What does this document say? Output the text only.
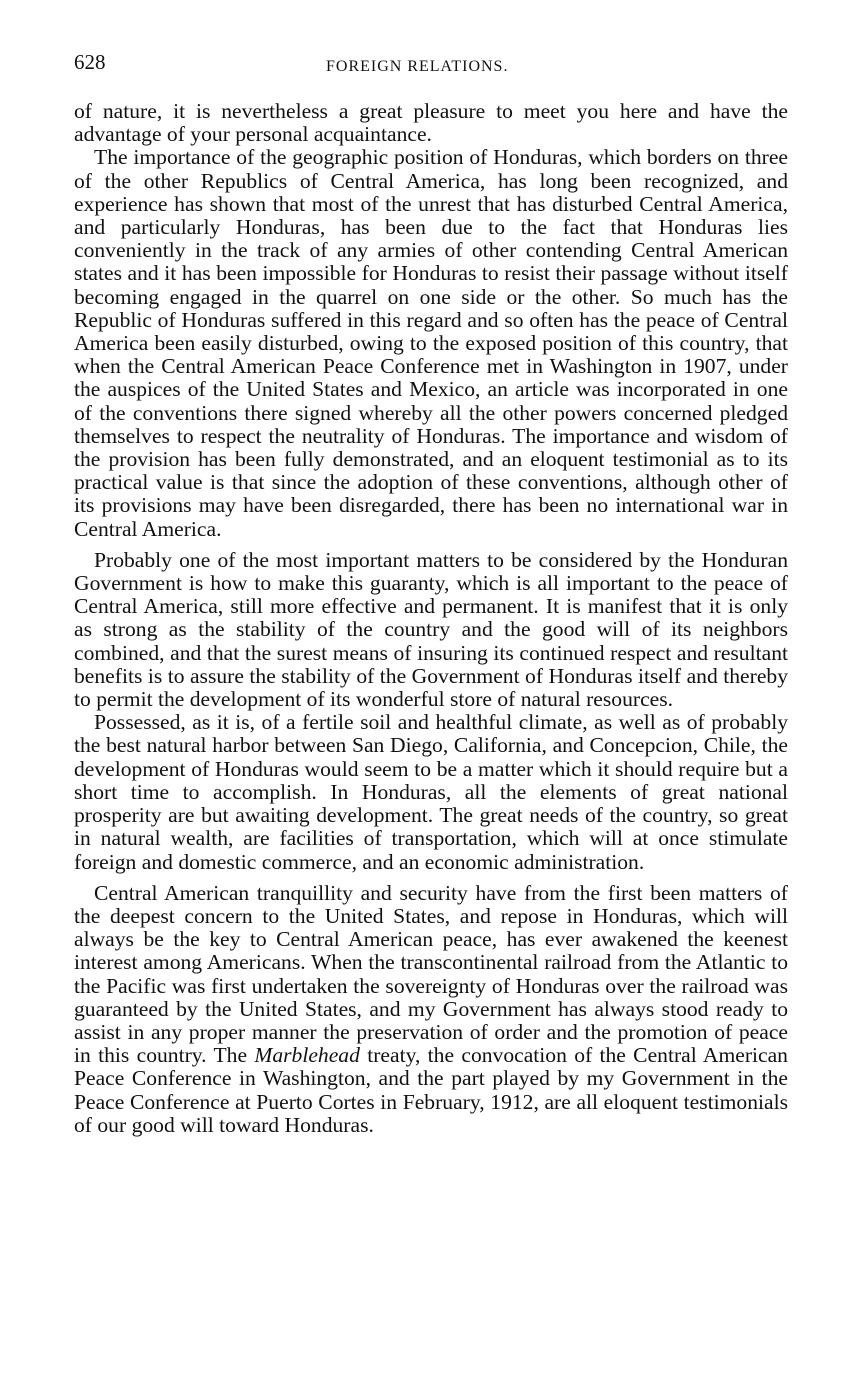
628	FOREIGN RELATIONS.

of nature, it is nevertheless a great pleasure to meet you here and have the advantage of your personal acquaintance.

The importance of the geographic position of Honduras, which borders on three of the other Republics of Central America, has long been recognized, and experience has shown that most of the unrest that has disturbed Central America, and particularly Honduras, has been due to the fact that Honduras lies conveniently in the track of any armies of other contending Central American states and it has been impossible for Honduras to resist their passage without itself becoming engaged in the quarrel on one side or the other. So much has the Republic of Honduras suffered in this regard and so often has the peace of Central America been easily disturbed, owing to the exposed position of this country, that when the Central American Peace Conference met in Washington in 1907, under the auspices of the United States and Mexico, an article was incorporated in one of the conventions there signed whereby all the other powers concerned pledged themselves to respect the neutrality of Honduras. The importance and wisdom of the provision has been fully demonstrated, and an eloquent testimonial as to its practical value is that since the adoption of these conventions, although other of its provisions may have been disregarded, there has been no international war in Central America.

Probably one of the most important matters to be considered by the Honduran Government is how to make this guaranty, which is all important to the peace of Central America, still more effective and permanent. It is manifest that it is only as strong as the stability of the country and the good will of its neighbors combined, and that the surest means of insuring its continued respect and resultant benefits is to assure the stability of the Government of Honduras itself and thereby to permit the development of its wonderful store of natural resources.

Possessed, as it is, of a fertile soil and healthful climate, as well as of probably the best natural harbor between San Diego, California, and Concepcion, Chile, the development of Honduras would seem to be a matter which it should require but a short time to accomplish. In Honduras, all the elements of great national prosperity are but awaiting development. The great needs of the country, so great in natural wealth, are facilities of transportation, which will at once stimulate foreign and domestic commerce, and an economic administration.

Central American tranquillity and security have from the first been matters of the deepest concern to the United States, and repose in Honduras, which will always be the key to Central American peace, has ever awakened the keenest interest among Americans. When the transcontinental railroad from the Atlantic to the Pacific was first undertaken the sovereignty of Honduras over the railroad was guaranteed by the United States, and my Government has always stood ready to assist in any proper manner the preservation of order and the promotion of peace in this country. The Marblehead treaty, the convocation of the Central American Peace Conference in Washington, and the part played by my Government in the Peace Conference at Puerto Cortes in February, 1912, are all eloquent testimonials of our good will toward Honduras.
